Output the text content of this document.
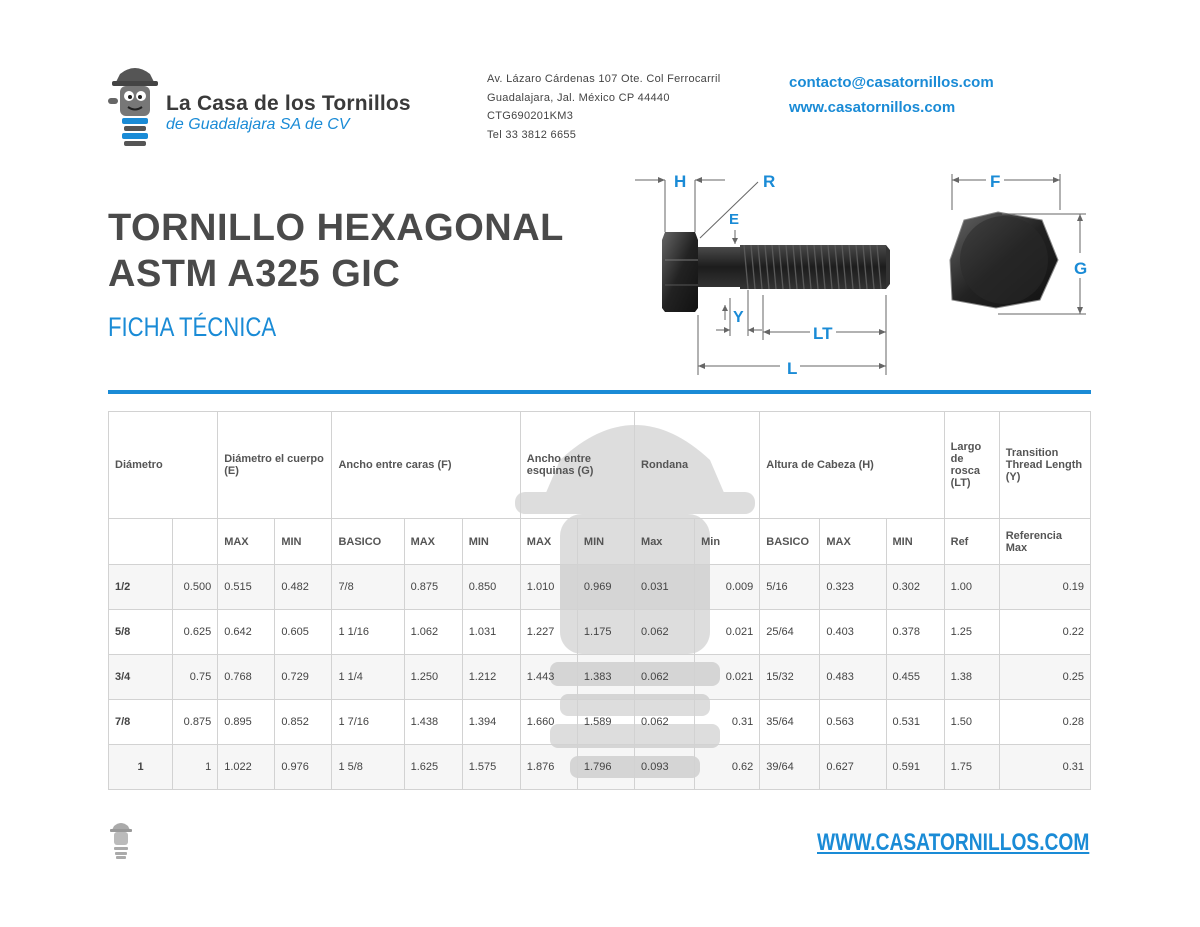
La Casa de los Tornillos
de Guadalajara SA de CV
Av. Lázaro Cárdenas 107 Ote. Col Ferrocarril
Guadalajara, Jal. México CP 44440
CTG690201KM3
Tel 33 3812 6655
contacto@casatornillos.com
www.casatornillos.com
TORNILLO HEXAGONAL
ASTM A325 GIC
FICHA TÉCNICA
H	R
E
Y
LT
L
F
G
Diámetro		Diámetro el cuerpo (E)		Ancho entre caras (F)			Ancho entre esquinas (G)		Rondana		Altura de Cabeza (H)			Largo de rosca (LT)	Transition Thread Length (Y)
		MAX	MIN	BASICO	MAX	MIN	MAX	MIN	Max	Min	BASICO	MAX	MIN	Ref	Referencia Max
1/2	0.500	0.515	0.482	7/8	0.875	0.850	1.010	0.969	0.031	0.009	5/16	0.323	0.302	1.00	0.19
5/8	0.625	0.642	0.605	1 1/16	1.062	1.031	1.227	1.175	0.062	0.021	25/64	0.403	0.378	1.25	0.22
3/4	0.75	0.768	0.729	1 1/4	1.250	1.212	1.443	1.383	0.062	0.021	15/32	0.483	0.455	1.38	0.25
7/8	0.875	0.895	0.852	1 7/16	1.438	1.394	1.660	1.589	0.062	0.31	35/64	0.563	0.531	1.50	0.28
1	1	1.022	0.976	1 5/8	1.625	1.575	1.876	1.796	0.093	0.62	39/64	0.627	0.591	1.75	0.31
WWW.CASATORNILLOS.COM
